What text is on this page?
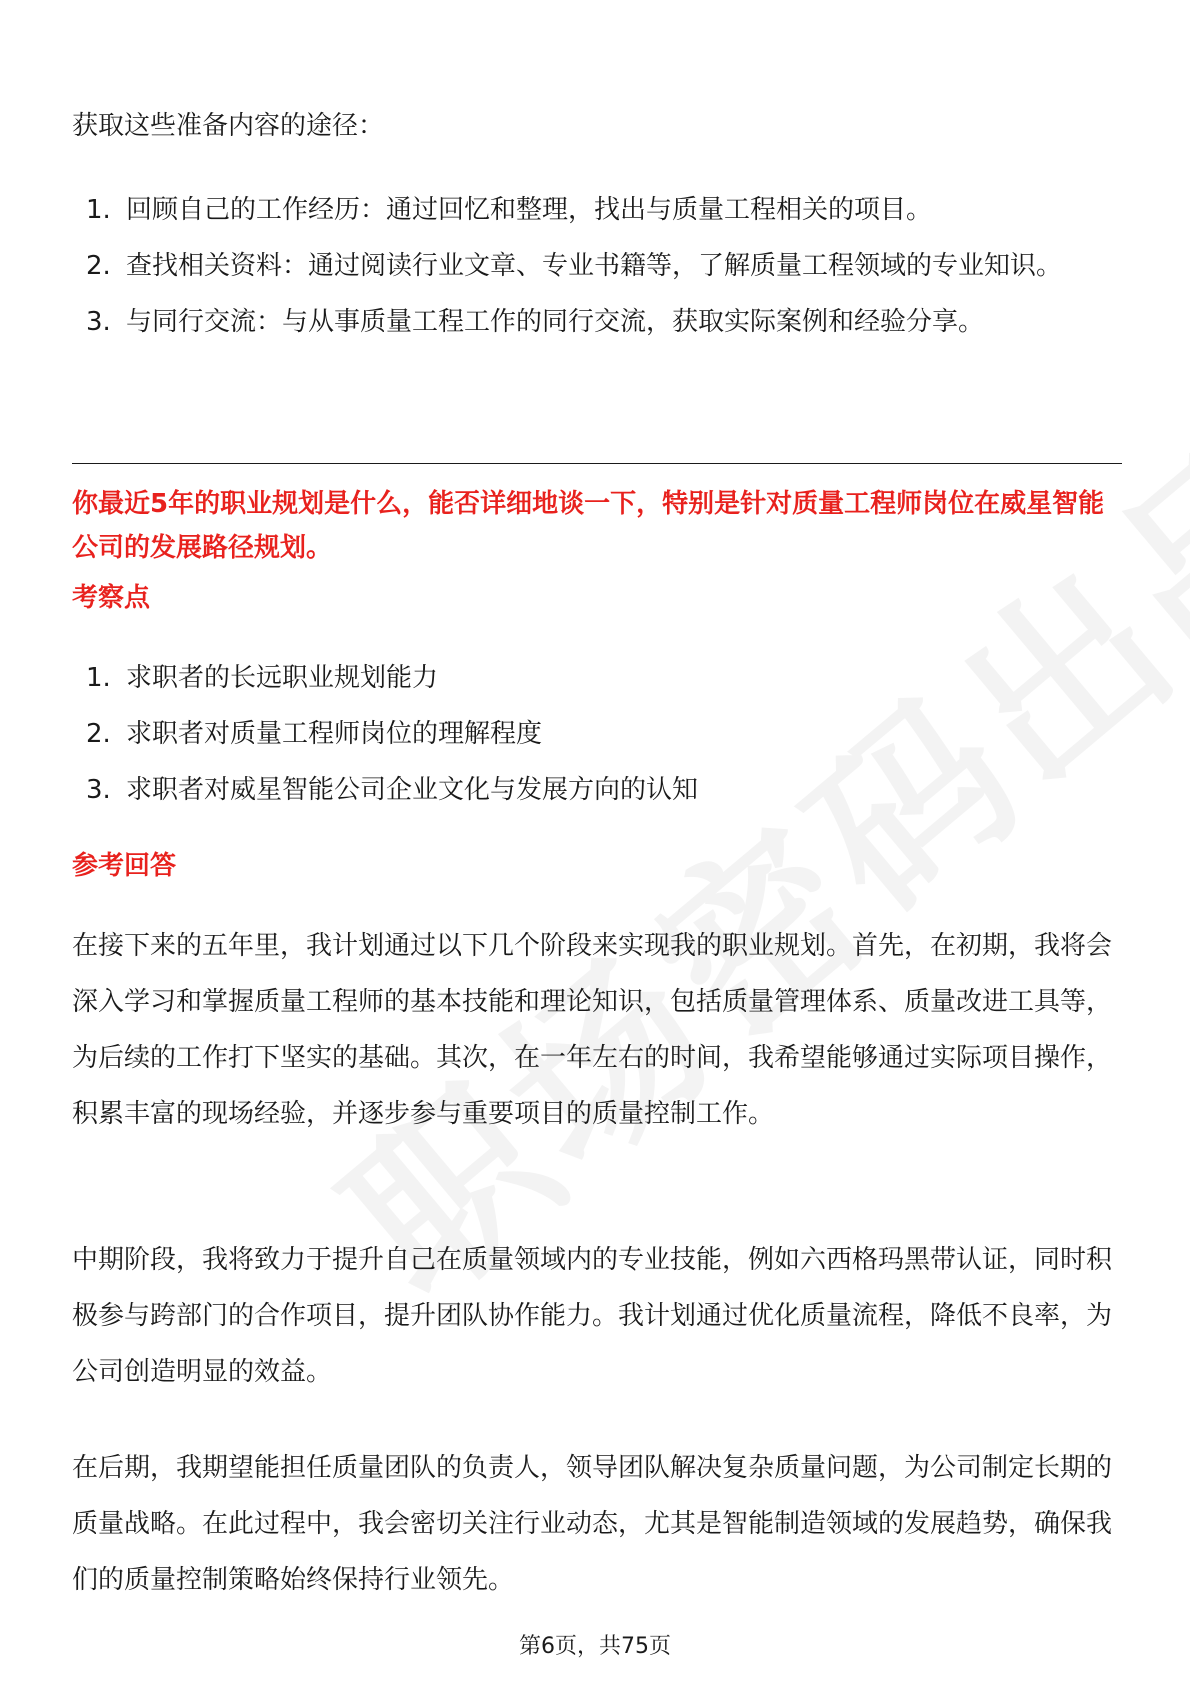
获取这些准备内容的途径：

1. 回顾自己的工作经历：通过回忆和整理，找出与质量工程相关的项目。
2. 查找相关资料：通过阅读行业文章、专业书籍等，了解质量工程领域的专业知识。
3. 与同行交流：与从事质量工程工作的同行交流，获取实际案例和经验分享。

你最近5年的职业规划是什么，能否详细地谈一下，特别是针对质量工程师岗位在威星智能公司的发展路径规划。

考察点

1. 求职者的长远职业规划能力
2. 求职者对质量工程师岗位的理解程度
3. 求职者对威星智能公司企业文化与发展方向的认知

参考回答

在接下来的五年里，我计划通过以下几个阶段来实现我的职业规划。首先，在初期，我将会深入学习和掌握质量工程师的基本技能和理论知识，包括质量管理体系、质量改进工具等，为后续的工作打下坚实的基础。其次，在一年左右的时间，我希望能够通过实际项目操作，积累丰富的现场经验，并逐步参与重要项目的质量控制工作。

中期阶段，我将致力于提升自己在质量领域内的专业技能，例如六西格玛黑带认证，同时积极参与跨部门的合作项目，提升团队协作能力。我计划通过优化质量流程，降低不良率，为公司创造明显的效益。

在后期，我期望能担任质量团队的负责人，领导团队解决复杂质量问题，为公司制定长期的质量战略。在此过程中，我会密切关注行业动态，尤其是智能制造领域的发展趋势，确保我们的质量控制策略始终保持行业领先。

第6页，共75页
